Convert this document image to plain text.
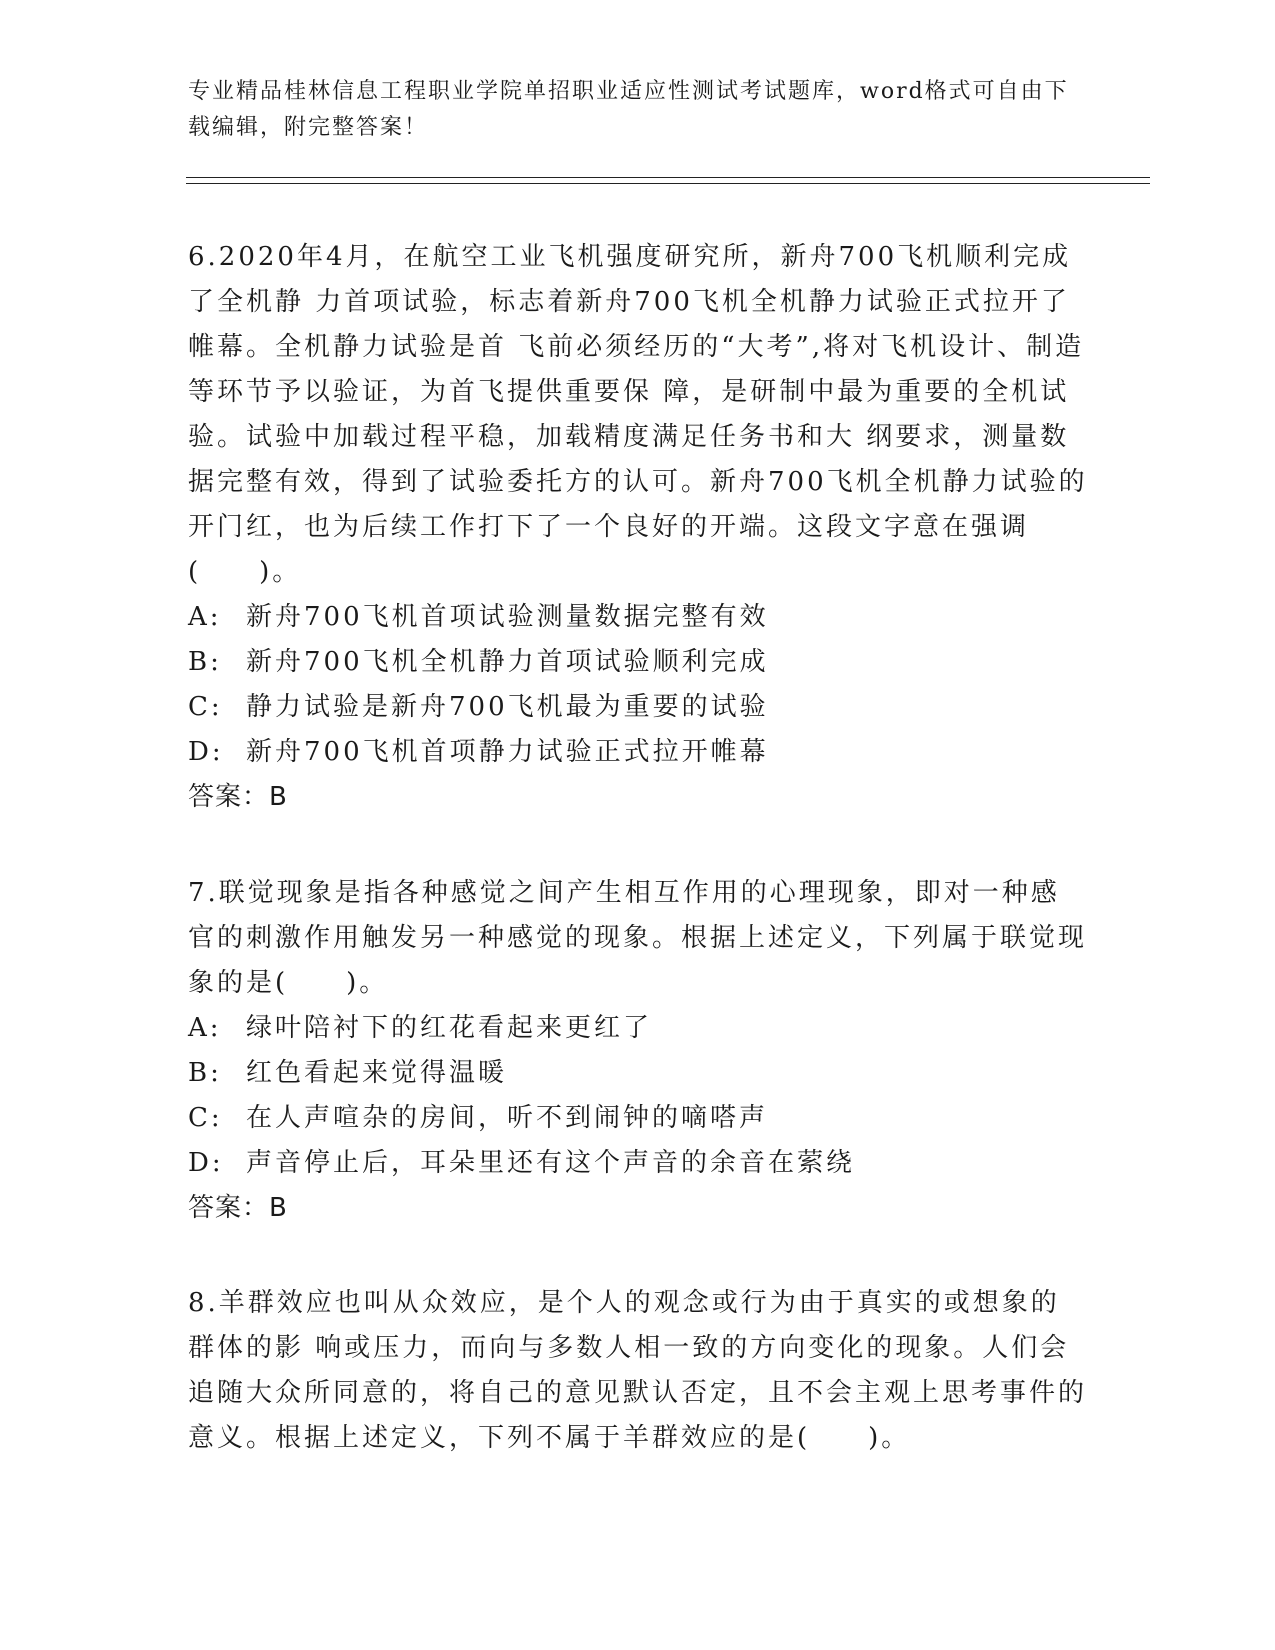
专业精品桂林信息工程职业学院单招职业适应性测试考试题库，word格式可自由下载编辑，附完整答案！

6.2020年4月，在航空工业飞机强度研究所，新舟700飞机顺利完成了全机静 力首项试验，标志着新舟700飞机全机静力试验正式拉开了帷幕。全机静力试验是首 飞前必须经历的“大考”,将对飞机设计、制造等环节予以验证，为首飞提供重要保 障，是研制中最为重要的全机试验。试验中加载过程平稳，加载精度满足任务书和大 纲要求，测量数据完整有效，得到了试验委托方的认可。新舟700飞机全机静力试验的开门红，也为后续工作打下了一个良好的开端。这段文字意在强调(　　)。

A: 新舟700飞机首项试验测量数据完整有效

B: 新舟700飞机全机静力首项试验顺利完成

C: 静力试验是新舟700飞机最为重要的试验

D: 新舟700飞机首项静力试验正式拉开帷幕

答案：B

7.联觉现象是指各种感觉之间产生相互作用的心理现象，即对一种感官的刺激作用触发另一种感觉的现象。根据上述定义，下列属于联觉现象的是(　　)。

A: 绿叶陪衬下的红花看起来更红了

B: 红色看起来觉得温暖

C: 在人声喧杂的房间，听不到闹钟的嘀嗒声

D: 声音停止后，耳朵里还有这个声音的余音在萦绕

答案：B

8.羊群效应也叫从众效应，是个人的观念或行为由于真实的或想象的群体的影 响或压力，而向与多数人相一致的方向变化的现象。人们会追随大众所同意的，将自己的意见默认否定，且不会主观上思考事件的意义。根据上述定义，下列不属于羊群效应的是(　　)。
